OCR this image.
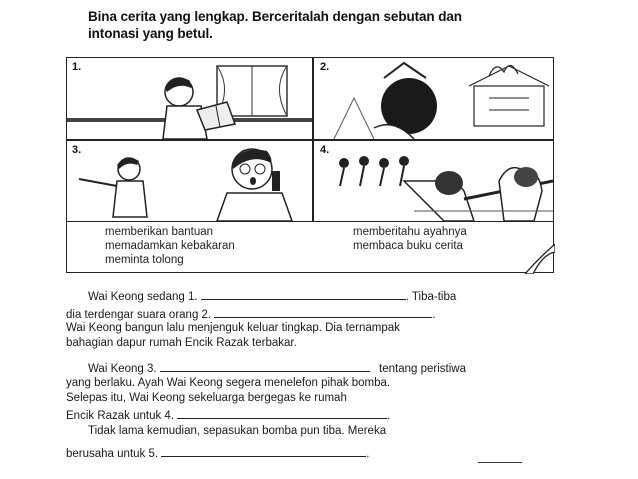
Bina cerita yang lengkap. Berceritalah dengan sebutan dan
intonasi yang betul.
1.	2.
3.	4.
memberikan bantuan
memadamkan kebakaran
meminta tolong
memberitahu ayahnya
membaca buku cerita
Wai Keong sedang 1.	. Tiba-tiba
dia terdengar suara orang 2.	.
Wai Keong bangun lalu menjenguk keluar tingkap. Dia ternampak
bahagian dapur rumah Encik Razak terbakar.
Wai Keong 3.	tentang peristiwa
yang berlaku. Ayah Wai Keong segera menelefon pihak bomba.
Selepas itu, Wai Keong sekeluarga bergegas ke rumah
Encik Razak untuk 4.	.
Tidak lama kemudian, sepasukan bomba pun tiba. Mereka
berusaha untuk 5.	.
